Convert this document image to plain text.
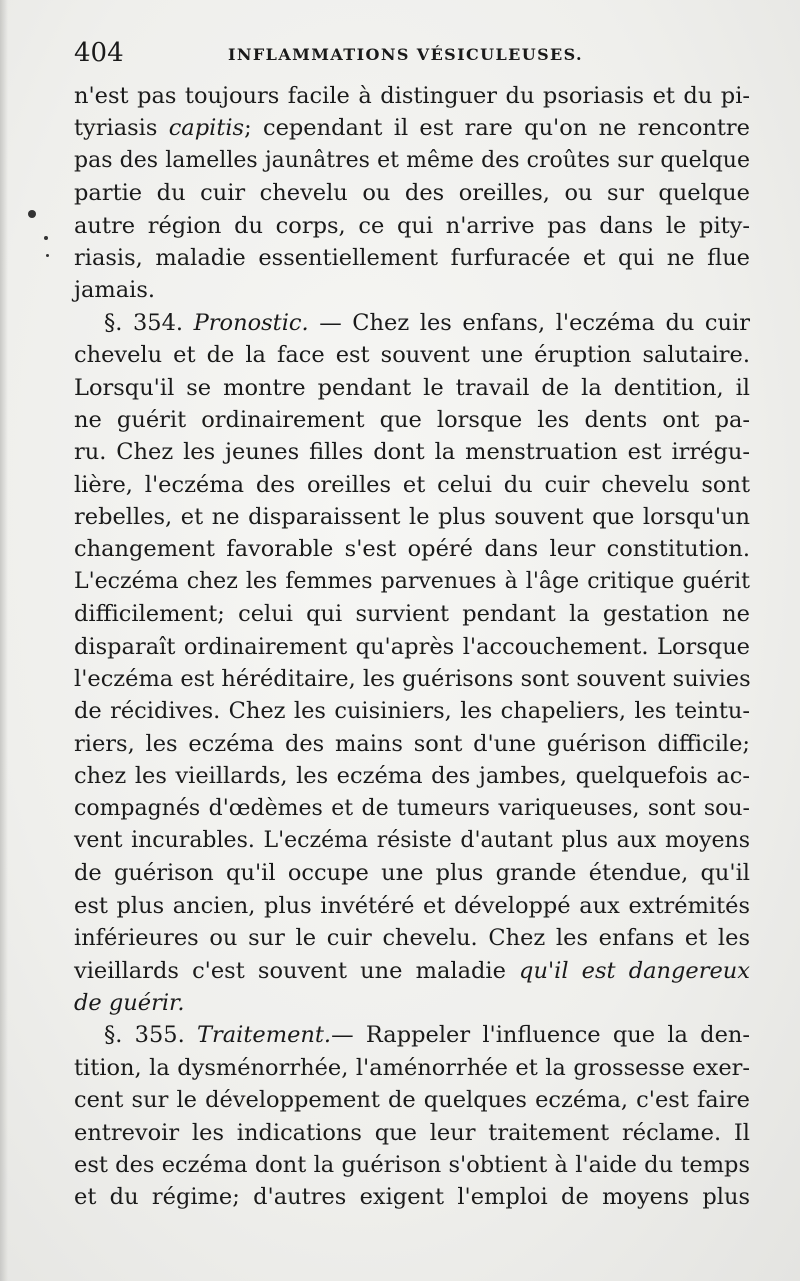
404	INFLAMMATIONS VÉSICULEUSES.
n'est pas toujours facile à distinguer du psoriasis et du pi-
tyriasis capitis; cependant il est rare qu'on ne rencontre
pas des lamelles jaunâtres et même des croûtes sur quelque
partie du cuir chevelu ou des oreilles, ou sur quelque
autre région du corps, ce qui n'arrive pas dans le pity-
riasis, maladie essentiellement furfuracée et qui ne flue
jamais.
§. 354. Pronostic. — Chez les enfans, l'eczéma du cuir
chevelu et de la face est souvent une éruption salutaire.
Lorsqu'il se montre pendant le travail de la dentition, il
ne guérit ordinairement que lorsque les dents ont pa-
ru. Chez les jeunes filles dont la menstruation est irrégu-
lière, l'eczéma des oreilles et celui du cuir chevelu sont
rebelles, et ne disparaissent le plus souvent que lorsqu'un
changement favorable s'est opéré dans leur constitution.
L'eczéma chez les femmes parvenues à l'âge critique guérit
difficilement; celui qui survient pendant la gestation ne
disparaît ordinairement qu'après l'accouchement. Lorsque
l'eczéma est héréditaire, les guérisons sont souvent suivies
de récidives. Chez les cuisiniers, les chapeliers, les teintu-
riers, les eczéma des mains sont d'une guérison difficile;
chez les vieillards, les eczéma des jambes, quelquefois ac-
compagnés d'œdèmes et de tumeurs variqueuses, sont sou-
vent incurables. L'eczéma résiste d'autant plus aux moyens
de guérison qu'il occupe une plus grande étendue, qu'il
est plus ancien, plus invétéré et développé aux extrémités
inférieures ou sur le cuir chevelu. Chez les enfans et les
vieillards c'est souvent une maladie qu'il est dangereux
de guérir.
§. 355. Traitement.— Rappeler l'influence que la den-
tition, la dysménorrhée, l'aménorrhée et la grossesse exer-
cent sur le développement de quelques eczéma, c'est faire
entrevoir les indications que leur traitement réclame. Il
est des eczéma dont la guérison s'obtient à l'aide du temps
et du régime; d'autres exigent l'emploi de moyens plus
